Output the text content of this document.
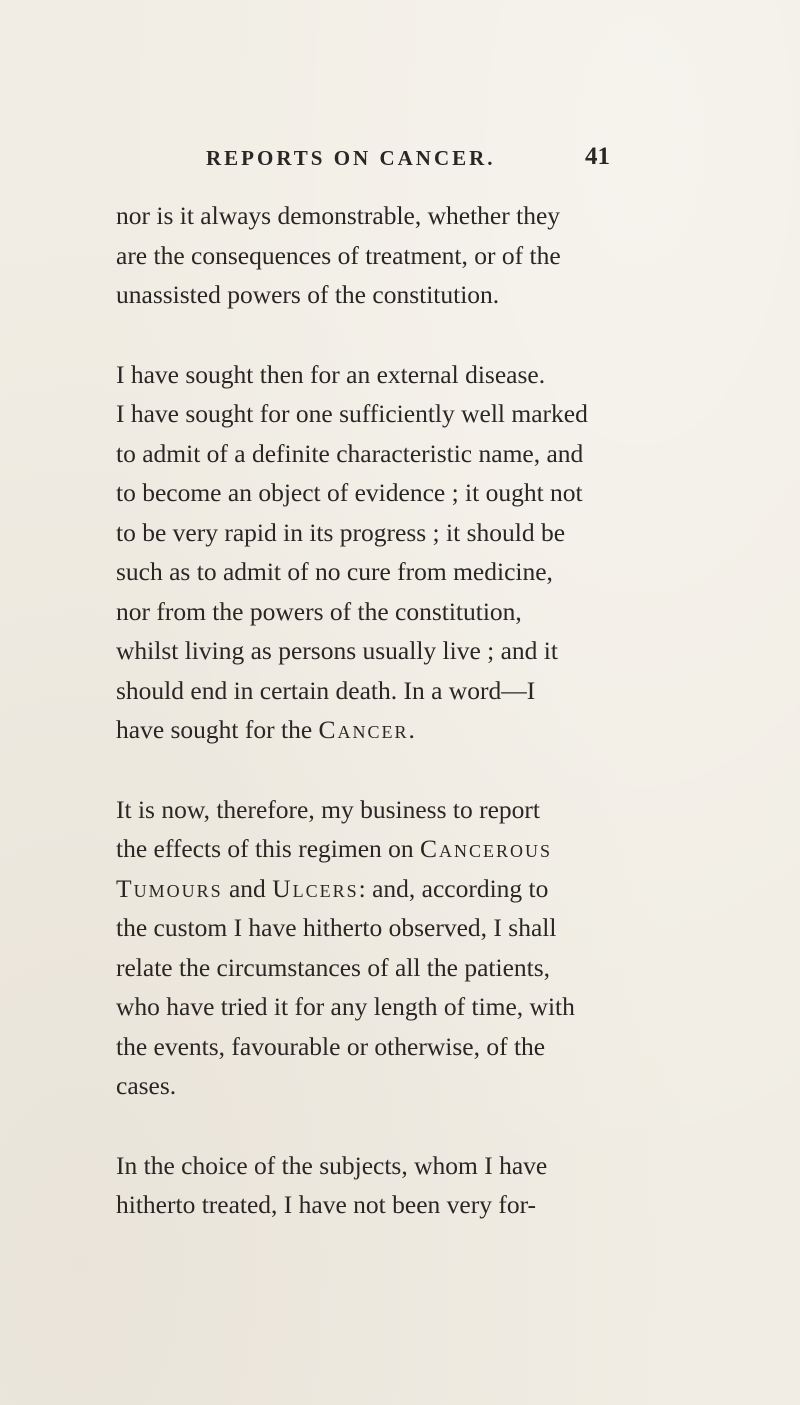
REPORTS ON CANCER.	41

nor is it always demonstrable, whether they
are the consequences of treatment, or of the
unassisted powers of the constitution.

I have sought then for an external disease.
I have sought for one sufficiently well marked
to admit of a definite characteristic name, and
to become an object of evidence ; it ought not
to be very rapid in its progress ; it should be
such as to admit of no cure from medicine,
nor from the powers of the constitution,
whilst living as persons usually live ; and it
should end in certain death. In a word—I
have sought for the Cancer.

It is now, therefore, my business to report
the effects of this regimen on Cancerous
Tumours and Ulcers: and, according to
the custom I have hitherto observed, I shall
relate the circumstances of all the patients,
who have tried it for any length of time, with
the events, favourable or otherwise, of the
cases.

In the choice of the subjects, whom I have
hitherto treated, I have not been very for-
